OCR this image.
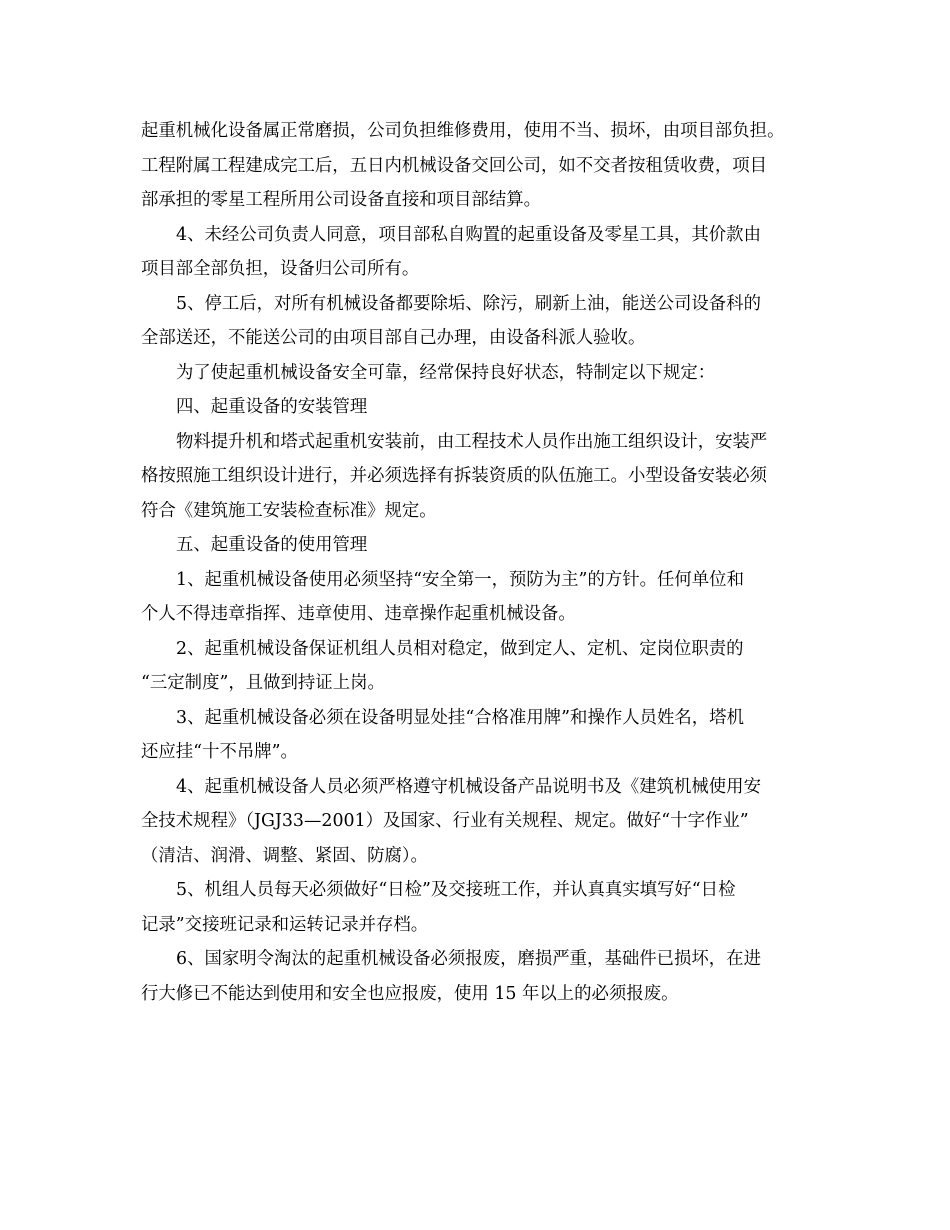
起重机械化设备属正常磨损，公司负担维修费用，使用不当、损坏，由项目部负担。
工程附属工程建成完工后，五日内机械设备交回公司，如不交者按租赁收费，项目
部承担的零星工程所用公司设备直接和项目部结算。
4、未经公司负责人同意，项目部私自购置的起重设备及零星工具，其价款由
项目部全部负担，设备归公司所有。
5、停工后，对所有机械设备都要除垢、除污，刷新上油，能送公司设备科的
全部送还，不能送公司的由项目部自己办理，由设备科派人验收。
为了使起重机械设备安全可靠，经常保持良好状态，特制定以下规定：
四、起重设备的安装管理
物料提升机和塔式起重机安装前，由工程技术人员作出施工组织设计，安装严
格按照施工组织设计进行，并必须选择有拆装资质的队伍施工。小型设备安装必须
符合《建筑施工安装检查标准》规定。
五、起重设备的使用管理
1、起重机械设备使用必须坚持“安全第一，预防为主”的方针。任何单位和
个人不得违章指挥、违章使用、违章操作起重机械设备。
2、起重机械设备保证机组人员相对稳定，做到定人、定机、定岗位职责的
“三定制度”，且做到持证上岗。
3、起重机械设备必须在设备明显处挂“合格准用牌”和操作人员姓名，塔机
还应挂“十不吊牌”。
4、起重机械设备人员必须严格遵守机械设备产品说明书及《建筑机械使用安
全技术规程》（JGJ33—2001）及国家、行业有关规程、规定。做好“十字作业”
（清洁、润滑、调整、紧固、防腐）。
5、机组人员每天必须做好“日检”及交接班工作，并认真真实填写好“日检
记录”交接班记录和运转记录并存档。
6、国家明令淘汰的起重机械设备必须报废，磨损严重，基础件已损坏，在进
行大修已不能达到使用和安全也应报废，使用 15 年以上的必须报废。
